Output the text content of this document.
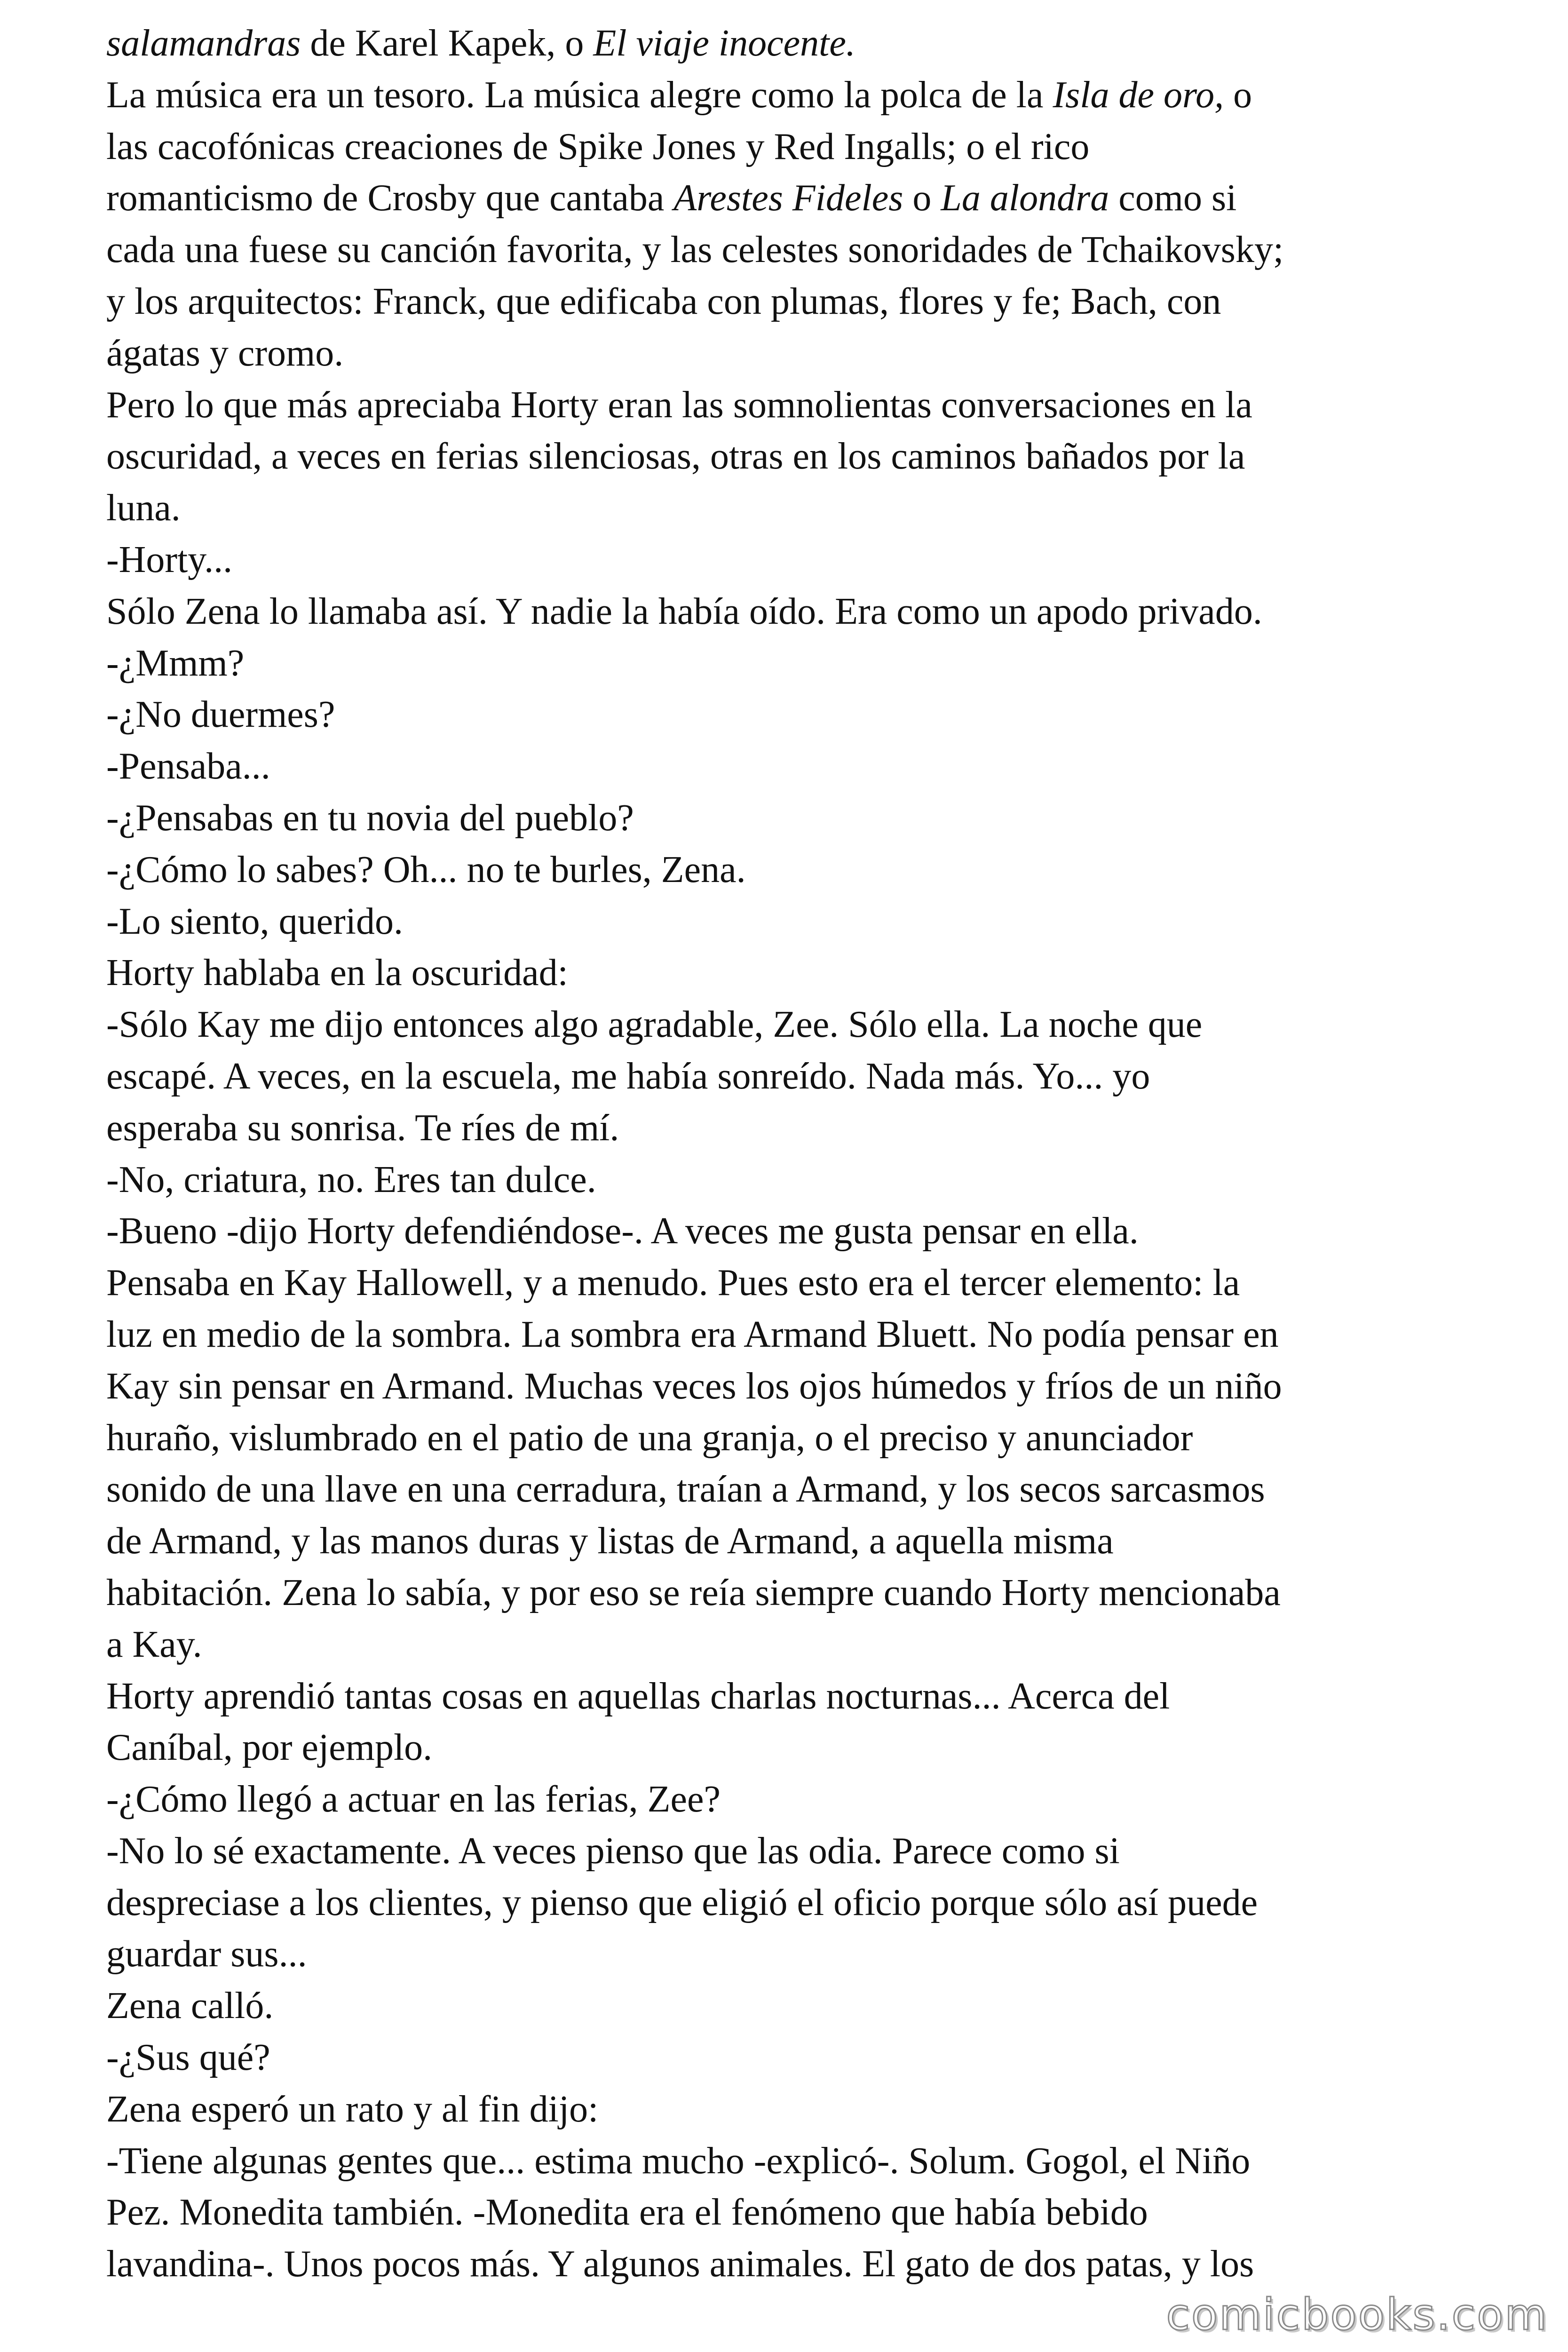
salamandras de Karel Kapek, o El viaje inocente.
La música era un tesoro. La música alegre como la polca de la Isla de oro, o
las cacofónicas creaciones de Spike Jones y Red Ingalls; o el rico
romanticismo de Crosby que cantaba Arestes Fideles o La alondra como si
cada una fuese su canción favorita, y las celestes sonoridades de Tchaikovsky;
y los arquitectos: Franck, que edificaba con plumas, flores y fe; Bach, con
ágatas y cromo.
Pero lo que más apreciaba Horty eran las somnolientas conversaciones en la
oscuridad, a veces en ferias silenciosas, otras en los caminos bañados por la
luna.
-Horty...
Sólo Zena lo llamaba así. Y nadie la había oído. Era como un apodo privado.
-¿Mmm?
-¿No duermes?
-Pensaba...
-¿Pensabas en tu novia del pueblo?
-¿Cómo lo sabes? Oh... no te burles, Zena.
-Lo siento, querido.
Horty hablaba en la oscuridad:
-Sólo Kay me dijo entonces algo agradable, Zee. Sólo ella. La noche que
escapé. A veces, en la escuela, me había sonreído. Nada más. Yo... yo
esperaba su sonrisa. Te ríes de mí.
-No, criatura, no. Eres tan dulce.
-Bueno -dijo Horty defendiéndose-. A veces me gusta pensar en ella.
Pensaba en Kay Hallowell, y a menudo. Pues esto era el tercer elemento: la
luz en medio de la sombra. La sombra era Armand Bluett. No podía pensar en
Kay sin pensar en Armand. Muchas veces los ojos húmedos y fríos de un niño
huraño, vislumbrado en el patio de una granja, o el preciso y anunciador
sonido de una llave en una cerradura, traían a Armand, y los secos sarcasmos
de Armand, y las manos duras y listas de Armand, a aquella misma
habitación. Zena lo sabía, y por eso se reía siempre cuando Horty mencionaba
a Kay.
Horty aprendió tantas cosas en aquellas charlas nocturnas... Acerca del
Caníbal, por ejemplo.
-¿Cómo llegó a actuar en las ferias, Zee?
-No lo sé exactamente. A veces pienso que las odia. Parece como si
despreciase a los clientes, y pienso que eligió el oficio porque sólo así puede
guardar sus...
Zena calló.
-¿Sus qué?
Zena esperó un rato y al fin dijo:
-Tiene algunas gentes que... estima mucho -explicó-. Solum. Gogol, el Niño
Pez. Monedita también. -Monedita era el fenómeno que había bebido
lavandina-. Unos pocos más. Y algunos animales. El gato de dos patas, y los
comicbooks.com
